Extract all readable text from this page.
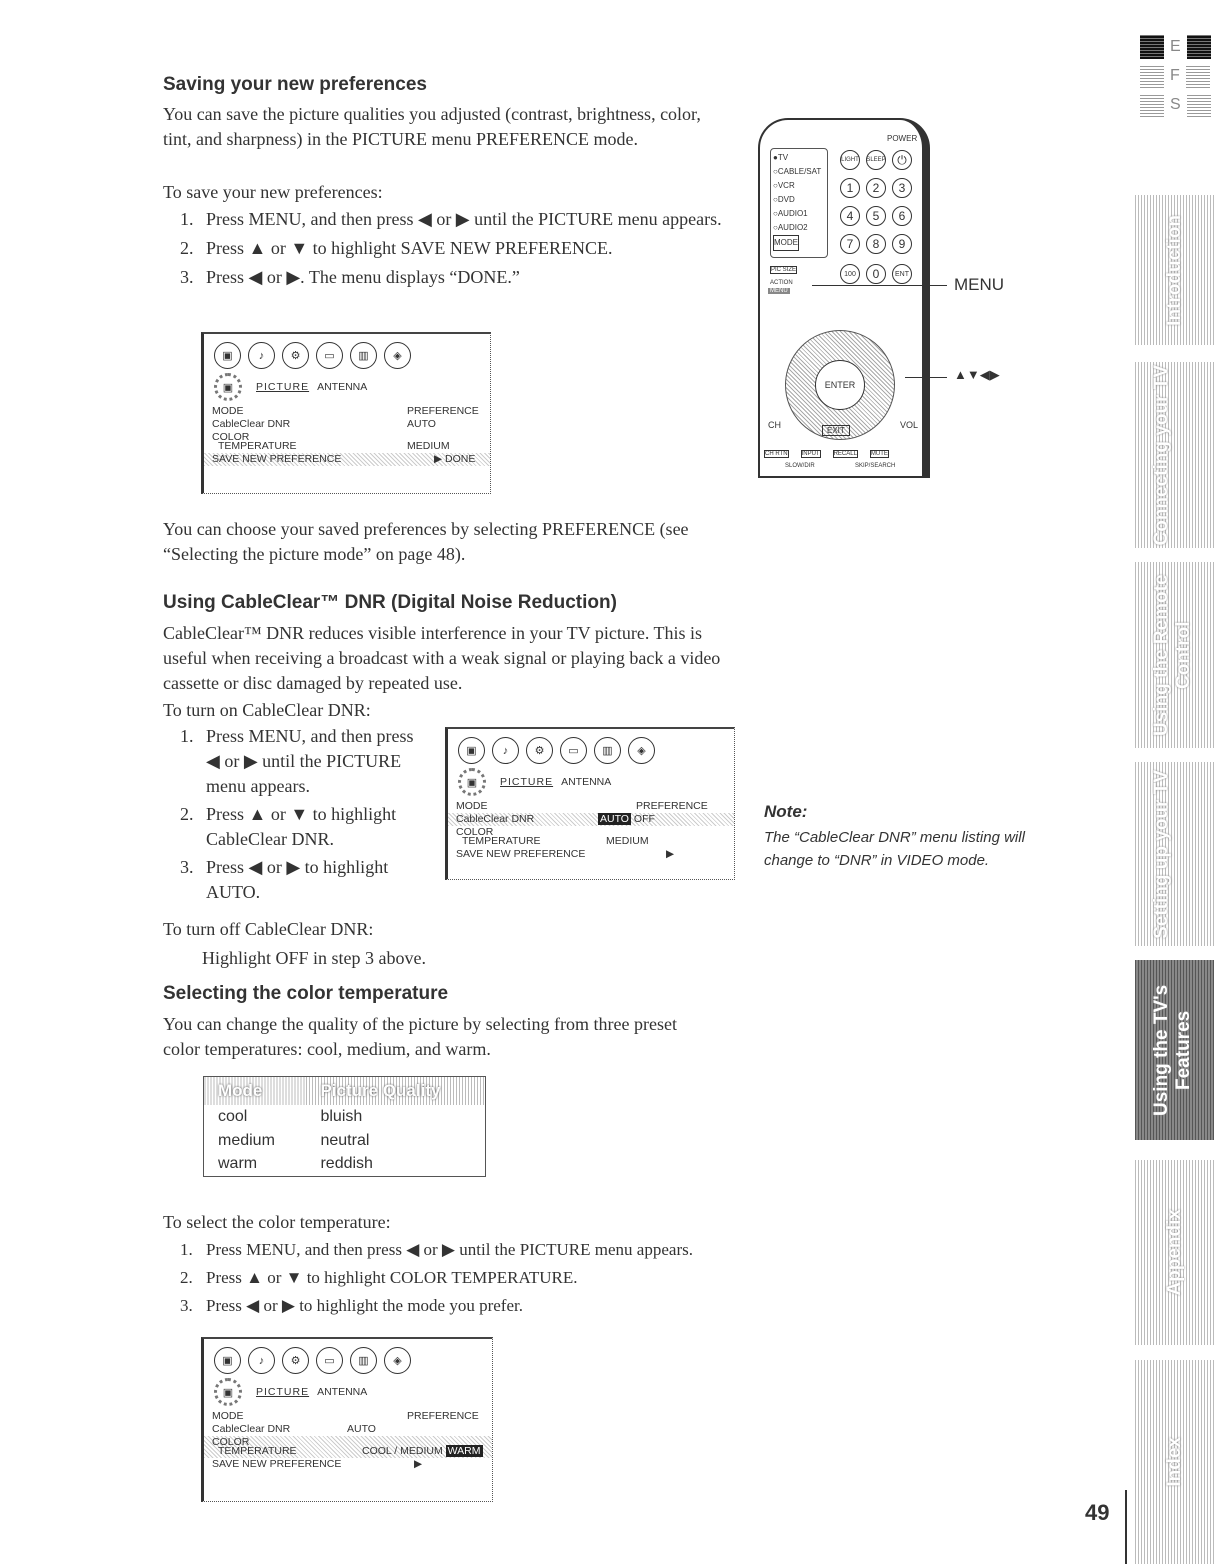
Saving your new preferences
You can save the picture qualities you adjusted (contrast, brightness, color, tint, and sharpness) in the PICTURE menu PREFERENCE mode.
To save your new preferences:
1. Press MENU, and then press ◀ or ▶ until the PICTURE menu appears.
2. Press ▲ or ▼ to highlight SAVE NEW PREFERENCE.
3. Press ◀ or ▶. The menu displays “DONE.”
▣	♪	⚙	▭	▥	◈
▣	PICTURE ANTENNA
MODE	PREFERENCE
CableClear DNR	AUTO
COLOR
TEMPERATURE	MEDIUM
SAVE NEW PREFERENCE	▶ DONE
You can choose your saved preferences by selecting PREFERENCE (see “Selecting the picture mode” on page 48).
●TV
○CABLE/SAT
○VCR
○DVD
○AUDIO1
○AUDIO2
MODE
POWER
LIGHT SLEEP ⏻
1	2	3
4	5	6
7	8	9
PIC SIZE
100	0	ENT
ACTION
MENU
ENTER
CH	VOL
EXIT
CH RTN INPUT RECALL MUTE
SLOW/DIR	SKIP/SEARCH
MENU
▲▼◀▶
Using CableClear™ DNR (Digital Noise Reduction)
CableClear™ DNR reduces visible interference in your TV picture. This is useful when receiving a broadcast with a weak signal or playing back a video cassette or disc damaged by repeated use.
To turn on CableClear DNR:
1. Press MENU, and then press ◀ or ▶ until the PICTURE menu appears.
2. Press ▲ or ▼ to highlight CableClear DNR.
3. Press ◀ or ▶ to highlight AUTO.
▣	♪	⚙	▭	▥	◈
▣	PICTURE ANTENNA
MODE	PREFERENCE
CableClear DNR	AUTO OFF
COLOR
TEMPERATURE	MEDIUM
SAVE NEW PREFERENCE	▶
Note:
The “CableClear DNR” menu listing will change to “DNR” in VIDEO mode.
To turn off CableClear DNR:
Highlight OFF in step 3 above.
Selecting the color temperature
You can change the quality of the picture by selecting from three preset color temperatures: cool, medium, and warm.
Mode	Picture Quality
cool	bluish
medium	neutral
warm	reddish
To select the color temperature:
1. Press MENU, and then press ◀ or ▶ until the PICTURE menu appears.
2. Press ▲ or ▼ to highlight COLOR TEMPERATURE.
3. Press ◀ or ▶ to highlight the mode you prefer.
▣	♪	⚙	▭	▥	◈
▣	PICTURE ANTENNA
MODE	PREFERENCE
CableClear DNR	AUTO
COLOR
TEMPERATURE	COOL / MEDIUM WARM
SAVE NEW PREFERENCE	▶
E
F
S
Introduction
Connecting your TV
Using the Remote Control
Setting up your TV
Using the TV's Features
Appendix
Index
49
